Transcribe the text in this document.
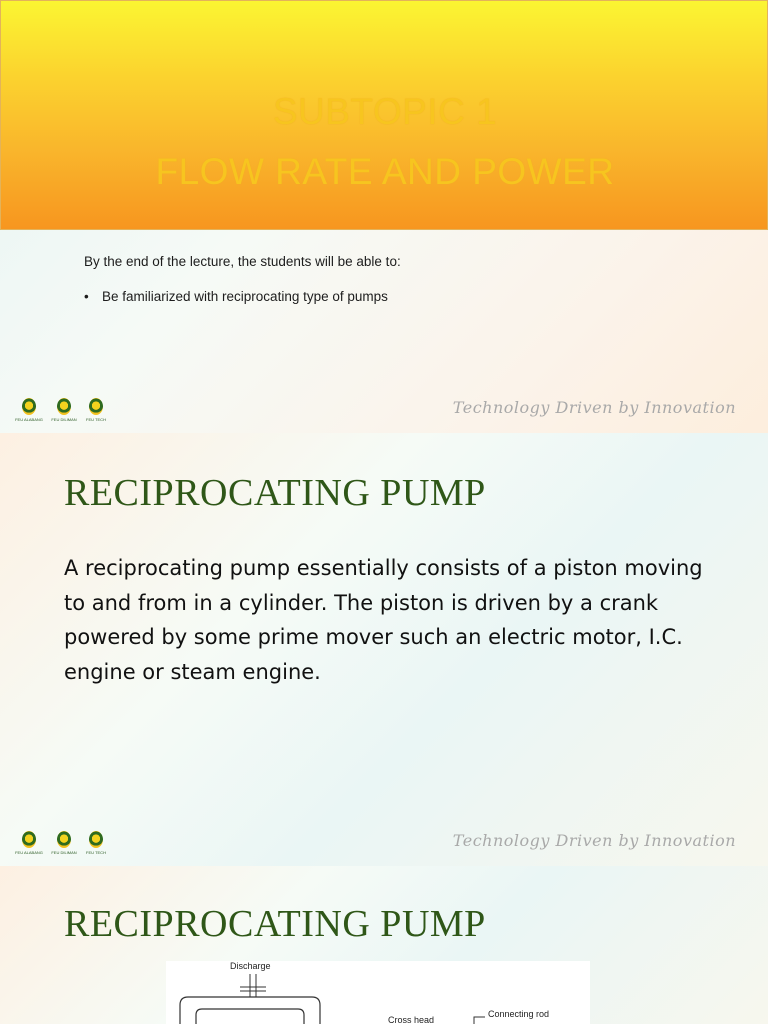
SUBTOPIC 1
FLOW RATE AND POWER
By the end of the lecture, the students will be able to:
• Be familiarized with reciprocating type of pumps
FEU ALABANG	FEU DILIMAN	FEU TECH
Technology Driven by Innovation
RECIPROCATING PUMP
A reciprocating pump essentially consists of a piston moving to and from in a cylinder. The piston is driven by a crank powered by some prime mover such an electric motor, I.C. engine or steam engine.
FEU ALABANG	FEU DILIMAN	FEU TECH
Technology Driven by Innovation
RECIPROCATING PUMP
Discharge
Cross head
Connecting rod
